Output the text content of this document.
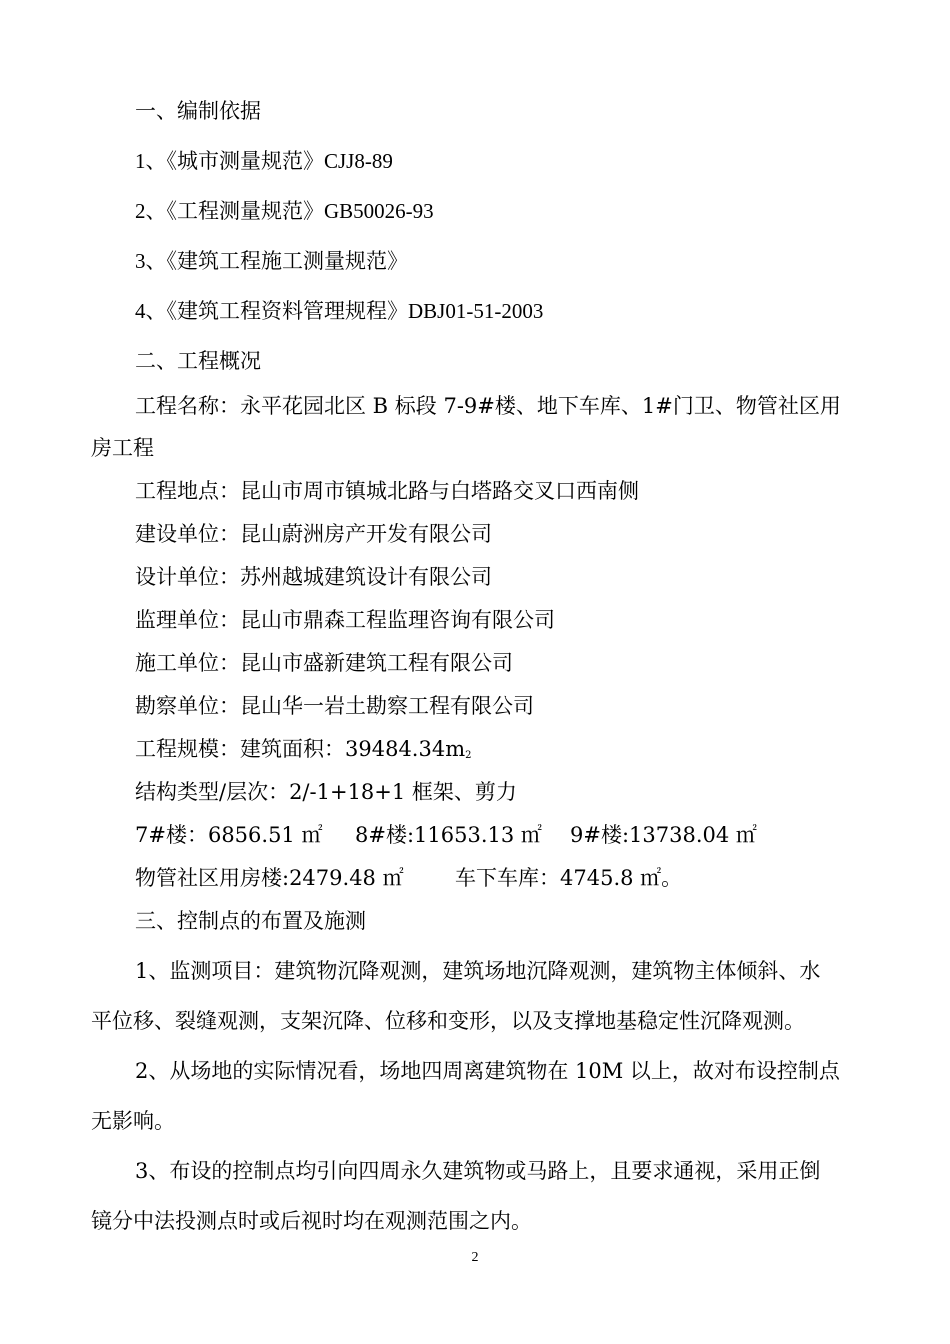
一、编制依据
1、《城市测量规范》CJJ8-89
2、《工程测量规范》GB50026-93
3、《建筑工程施工测量规范》
4、《建筑工程资料管理规程》DBJ01-51-2003
二、工程概况
工程名称：永平花园北区 B 标段 7-9#楼、地下车库、1#门卫、物管社区用
房工程
工程地点：昆山市周市镇城北路与白塔路交叉口西南侧
建设单位：昆山蔚洲房产开发有限公司
设计单位：苏州越城建筑设计有限公司
监理单位：昆山市鼎森工程监理咨询有限公司
施工单位：昆山市盛新建筑工程有限公司
勘察单位：昆山华一岩土勘察工程有限公司
工程规模：建筑面积：39484.34m2
结构类型/层次：2/-1+18+1 框架、剪力
7#楼：6856.51 ㎡ 8#楼:11653.13 ㎡ 9#楼:13738.04 ㎡
物管社区用房楼:2479.48 ㎡ 车下车库：4745.8 ㎡。
三、控制点的布置及施测
1、监测项目：建筑物沉降观测，建筑场地沉降观测，建筑物主体倾斜、水
平位移、裂缝观测，支架沉降、位移和变形，以及支撑地基稳定性沉降观测。
2、从场地的实际情况看，场地四周离建筑物在 10M 以上，故对布设控制点
无影响。
3、布设的控制点均引向四周永久建筑物或马路上，且要求通视，采用正倒
镜分中法投测点时或后视时均在观测范围之内。
2
